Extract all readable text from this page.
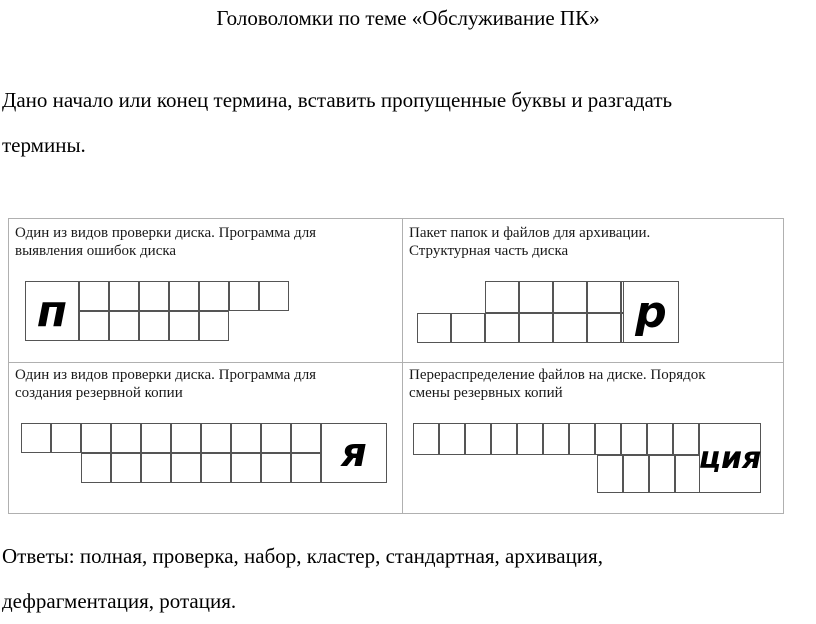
Головоломки по теме «Обслуживание ПК»
Дано начало или конец термина, вставить пропущенные буквы и разгадать
термины.
Один из видов проверки диска. Программа для
выявления ошибок диска
п
Пакет папок и файлов для архивации.
Структурная часть диска
р
Один из видов проверки диска. Программа для
создания резервной копии
я
Перераспределение файлов на диске. Порядок
смены резервных копий
ция
Ответы: полная, проверка, набор, кластер, стандартная, архивация,
дефрагментация, ротация.
